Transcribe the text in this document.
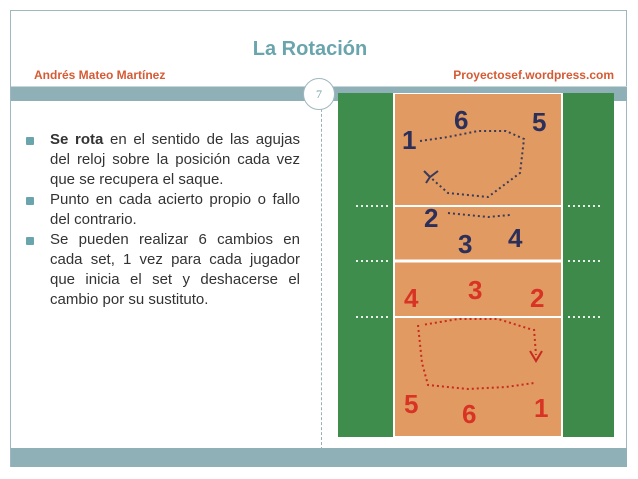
La Rotación
Andrés Mateo Martínez	Proyectosef.wordpress.com
7
Se rota en el sentido de las agujas del reloj sobre la posición cada vez que se recupera el saque.
Punto en cada acierto propio o fallo del contrario.
Se pueden realizar 6 cambios en cada set, 1 vez para cada jugador que inicia el set y deshacerse el cambio por su sustituto.
1
6 5
2
3 4
4 3 2
5 6 1
